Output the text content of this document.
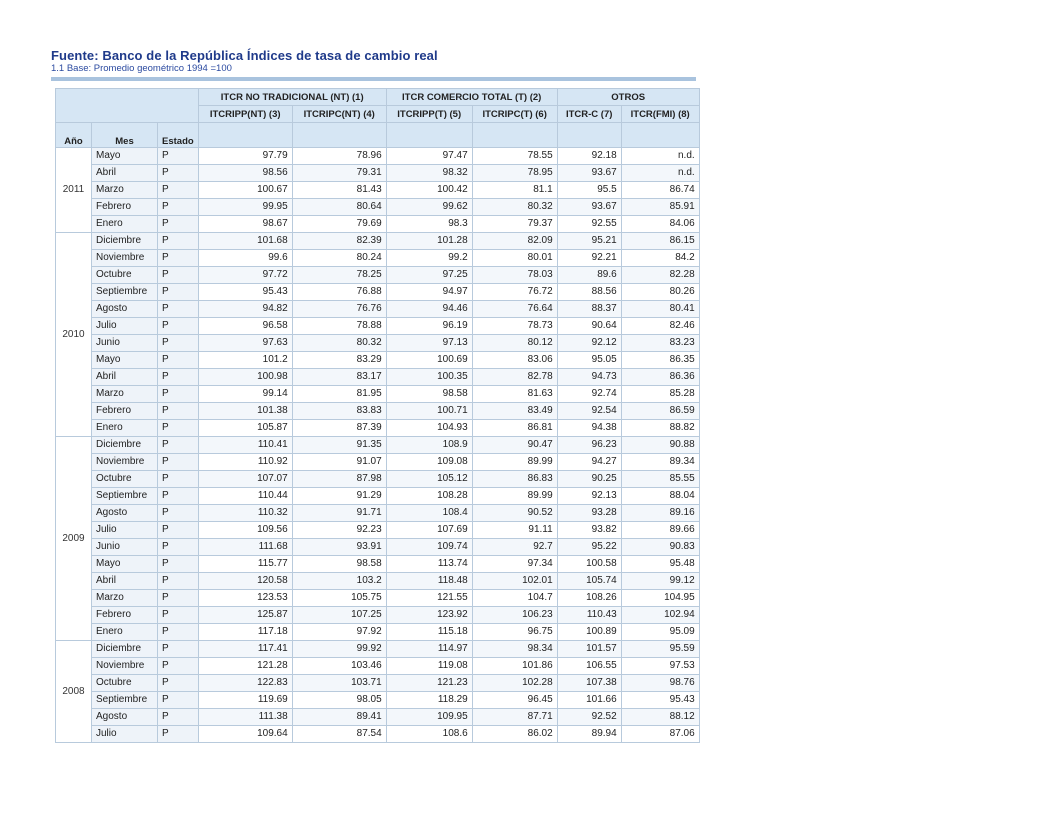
Fuente: Banco de la República Índices de tasa de cambio real
1.1 Base: Promedio geométrico 1994 =100
			ITCR NO TRADICIONAL (NT) (1)		ITCR COMERCIO TOTAL (T) (2)		OTROS	
			ITCRIPP(NT) (3)	ITCRIPC(NT) (4)	ITCRIPP(T) (5)	ITCRIPC(T) (6)	ITCR-C (7)	ITCR(FMI) (8)
Año	Mes	Estado						
2011	Mayo	P	97.79	78.96	97.47	78.55	92.18	n.d.
	Abril	P	98.56	79.31	98.32	78.95	93.67	n.d.
	Marzo	P	100.67	81.43	100.42	81.1	95.5	86.74
	Febrero	P	99.95	80.64	99.62	80.32	93.67	85.91
	Enero	P	98.67	79.69	98.3	79.37	92.55	84.06
2010	Diciembre	P	101.68	82.39	101.28	82.09	95.21	86.15
	Noviembre	P	99.6	80.24	99.2	80.01	92.21	84.2
	Octubre	P	97.72	78.25	97.25	78.03	89.6	82.28
	Septiembre	P	95.43	76.88	94.97	76.72	88.56	80.26
	Agosto	P	94.82	76.76	94.46	76.64	88.37	80.41
	Julio	P	96.58	78.88	96.19	78.73	90.64	82.46
	Junio	P	97.63	80.32	97.13	80.12	92.12	83.23
	Mayo	P	101.2	83.29	100.69	83.06	95.05	86.35
	Abril	P	100.98	83.17	100.35	82.78	94.73	86.36
	Marzo	P	99.14	81.95	98.58	81.63	92.74	85.28
	Febrero	P	101.38	83.83	100.71	83.49	92.54	86.59
	Enero	P	105.87	87.39	104.93	86.81	94.38	88.82
2009	Diciembre	P	110.41	91.35	108.9	90.47	96.23	90.88
	Noviembre	P	110.92	91.07	109.08	89.99	94.27	89.34
	Octubre	P	107.07	87.98	105.12	86.83	90.25	85.55
	Septiembre	P	110.44	91.29	108.28	89.99	92.13	88.04
	Agosto	P	110.32	91.71	108.4	90.52	93.28	89.16
	Julio	P	109.56	92.23	107.69	91.11	93.82	89.66
	Junio	P	111.68	93.91	109.74	92.7	95.22	90.83
	Mayo	P	115.77	98.58	113.74	97.34	100.58	95.48
	Abril	P	120.58	103.2	118.48	102.01	105.74	99.12
	Marzo	P	123.53	105.75	121.55	104.7	108.26	104.95
	Febrero	P	125.87	107.25	123.92	106.23	110.43	102.94
	Enero	P	117.18	97.92	115.18	96.75	100.89	95.09
2008	Diciembre	P	117.41	99.92	114.97	98.34	101.57	95.59
	Noviembre	P	121.28	103.46	119.08	101.86	106.55	97.53
	Octubre	P	122.83	103.71	121.23	102.28	107.38	98.76
	Septiembre	P	119.69	98.05	118.29	96.45	101.66	95.43
	Agosto	P	111.38	89.41	109.95	87.71	92.52	88.12
	Julio	P	109.64	87.54	108.6	86.02	89.94	87.06
